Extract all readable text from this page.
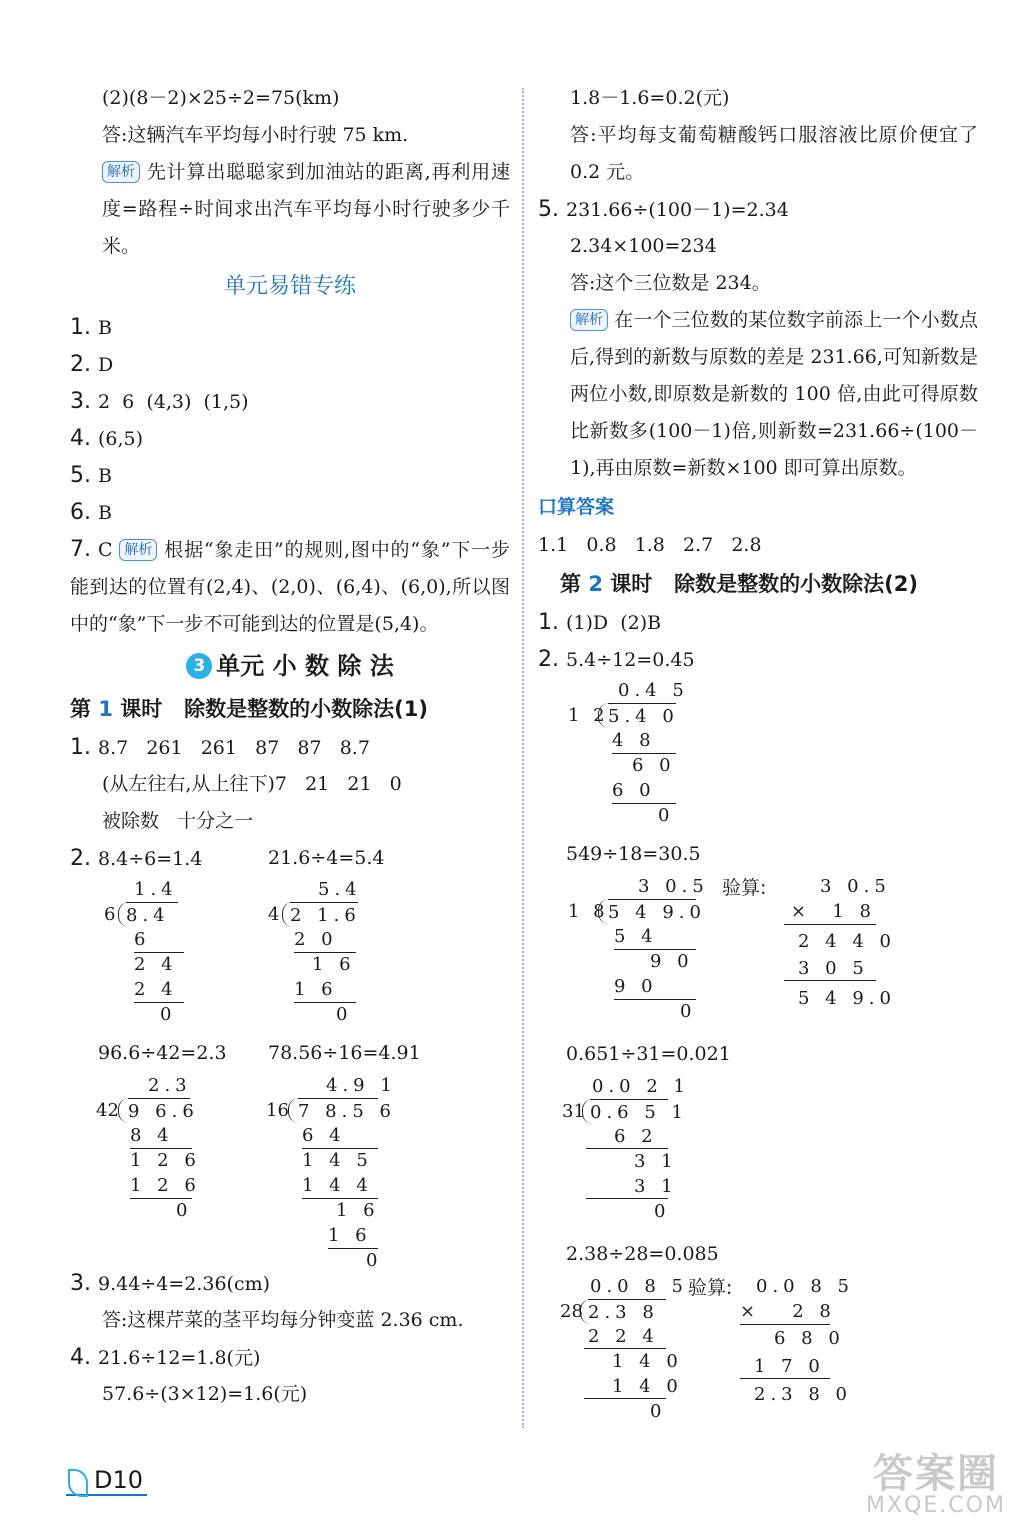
(2)(8－2)×25÷2=75(km)
答:这辆汽车平均每小时行驶 75 km.
解析 先计算出聪聪家到加油站的距离,再利用速度=路程÷时间求出汽车平均每小时行驶多少千米。
单元易错专练
1. B
2. D
3. 2  6  (4,3)  (1,5)
4. (6,5)
5. B
6. B
7. C 解析 根据“象走田”的规则,图中的“象”下一步能到达的位置有(2,4)、(2,0)、(6,4)、(6,0),所以图中的“象”下一步不可能到达的位置是(5,4)。
3 单元 小 数 除 法
第 1 课时   除数是整数的小数除法(1)
1. 8.7   261   261   87   87   8.7
(从左往右,从上往下)7   21   21   0
被除数   十分之一
2. 8.4÷6=1.4	21.6÷4=5.4
1.4
6 8.4
6
2 4
2 4
0
5.4
4 2 1.6
2 0
1 6
1 6
0
96.6÷42=2.3 78.56÷16=4.91
2.3
42 9 6.6
8 4
1 2 6
1 2 6
0
4.9 1
16 7 8.5 6
6 4
1 4 5
1 4 4
1 6
1 6
0
3. 9.44÷4=2.36(cm)
答:这棵芹菜的茎平均每分钟变蓝 2.36 cm.
4. 21.6÷12=1.8(元)
57.6÷(3×12)=1.6(元)
1.8－1.6=0.2(元)
答:平均每支葡萄糖酸钙口服溶液比原价便宜了 0.2 元。
5. 231.66÷(100－1)=2.34
2.34×100=234
答:这个三位数是 234。
解析 在一个三位数的某位数字前添上一个小数点后,得到的新数与原数的差是 231.66,可知新数是两位小数,即原数是新数的 100 倍,由此可得原数比新数多(100－1)倍,则新数=231.66÷(100－1),再由原数=新数×100 即可算出原数。
口算答案
1.1   0.8   1.8   2.7   2.8
第 2 课时   除数是整数的小数除法(2)
1. (1)D  (2)B
2. 5.4÷12=0.45
0.4 5
1 2 5.4 0
4 8
6 0
6 0
0
549÷18=30.5
3 0.5
1 8 5 4 9.0
5 4
9 0
9 0
0
验算:	3 0.5
×  1 8
2 4 4 0
3 0 5
5 4 9.0
0.651÷31=0.021
0.0 2 1
31 0.6 5 1
6 2
3 1
3 1
0
2.38÷28=0.085
0.0 8 5
28 2.3 8
2 2 4
1 4 0
1 4 0
0
验算: 0.0 8 5
×   2 8
6 8 0
1 7 0
2.3 8 0
D10	答案圈
MXQE.COM
